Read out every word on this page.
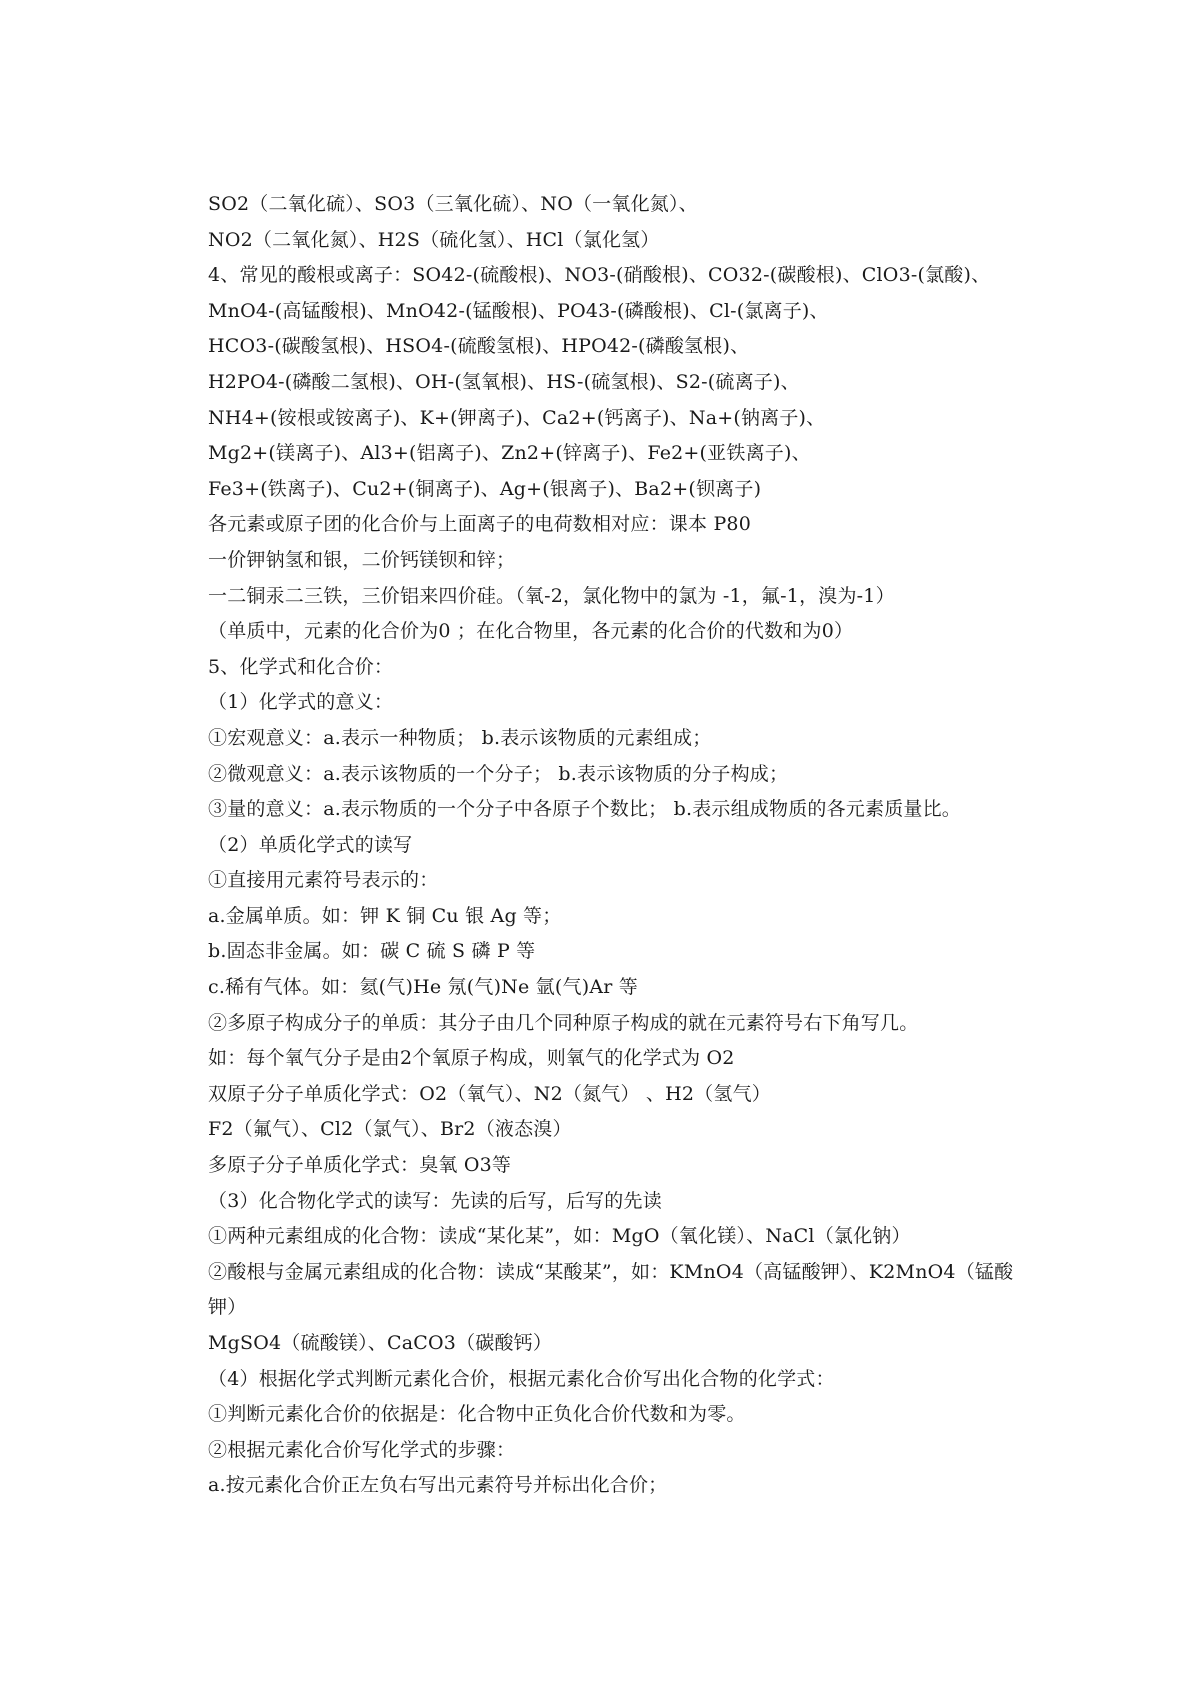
SO2（二氧化硫）、SO3（三氧化硫）、NO（一氧化氮）、
NO2（二氧化氮）、H2S（硫化氢）、HCl（氯化氢）
4、常见的酸根或离子：SO42-(硫酸根)、NO3-(硝酸根)、CO32-(碳酸根)、ClO3-(氯酸)、
MnO4-(高锰酸根)、MnO42-(锰酸根)、PO43-(磷酸根)、Cl-(氯离子)、
HCO3-(碳酸氢根)、HSO4-(硫酸氢根)、HPO42-(磷酸氢根)、
H2PO4-(磷酸二氢根)、OH-(氢氧根)、HS-(硫氢根)、S2-(硫离子)、
NH4+(铵根或铵离子)、K+(钾离子)、Ca2+(钙离子)、Na+(钠离子)、
Mg2+(镁离子)、Al3+(铝离子)、Zn2+(锌离子)、Fe2+(亚铁离子)、
Fe3+(铁离子)、Cu2+(铜离子)、Ag+(银离子)、Ba2+(钡离子)
各元素或原子团的化合价与上面离子的电荷数相对应：课本 P80
一价钾钠氢和银，二价钙镁钡和锌；
一二铜汞二三铁，三价铝来四价硅。（氧-2，氯化物中的氯为 -1，氟-1，溴为-1）
（单质中，元素的化合价为0 ；在化合物里，各元素的化合价的代数和为0）
5、化学式和化合价：
（1）化学式的意义：
①宏观意义：a.表示一种物质； b.表示该物质的元素组成；
②微观意义：a.表示该物质的一个分子； b.表示该物质的分子构成；
③量的意义：a.表示物质的一个分子中各原子个数比； b.表示组成物质的各元素质量比。
（2）单质化学式的读写
①直接用元素符号表示的：
a.金属单质。如：钾 K 铜 Cu 银 Ag 等；
b.固态非金属。如：碳 C 硫 S 磷 P 等
c.稀有气体。如：氦(气)He 氖(气)Ne 氩(气)Ar 等
②多原子构成分子的单质：其分子由几个同种原子构成的就在元素符号右下角写几。
如：每个氧气分子是由2个氧原子构成，则氧气的化学式为 O2
双原子分子单质化学式：O2（氧气）、N2（氮气） 、H2（氢气）
F2（氟气）、Cl2（氯气）、Br2（液态溴）
多原子分子单质化学式：臭氧 O3等
（3）化合物化学式的读写：先读的后写，后写的先读
①两种元素组成的化合物：读成“某化某”，如：MgO（氧化镁）、NaCl（氯化钠）
②酸根与金属元素组成的化合物：读成“某酸某”，如：KMnO4（高锰酸钾）、K2MnO4（锰酸
钾）
MgSO4（硫酸镁）、CaCO3（碳酸钙）
（4）根据化学式判断元素化合价，根据元素化合价写出化合物的化学式：
①判断元素化合价的依据是：化合物中正负化合价代数和为零。
②根据元素化合价写化学式的步骤：
a.按元素化合价正左负右写出元素符号并标出化合价；
